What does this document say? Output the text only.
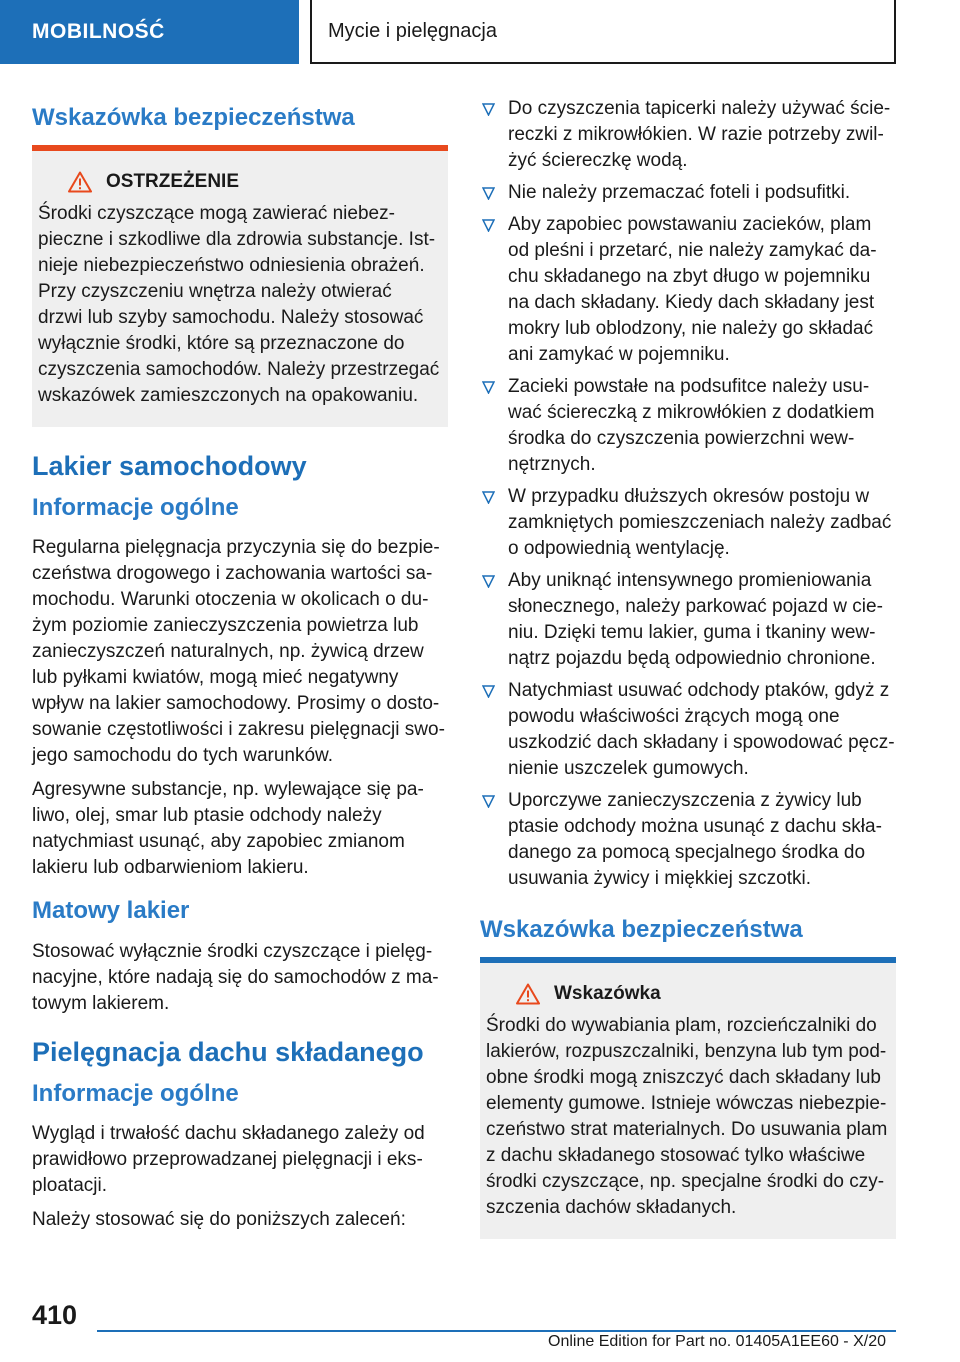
MOBILNOŚĆ	Mycie i pielęgnacja
Wskazówka bezpieczeństwa
OSTRZEŻENIE

Środki czyszczące mogą zawierać niebezpieczne i szkodliwe dla zdrowia substancje. Istnieje niebezpieczeństwo odniesienia obrażeń. Przy czyszczeniu wnętrza należy otwierać drzwi lub szyby samochodu. Należy stosować wyłącznie środki, które są przeznaczone do czyszczenia samochodów. Należy przestrzegać wskazówek zamieszczonych na opakowaniu.

Lakier samochodowy
Informacje ogólne

Regularna pielęgnacja przyczynia się do bezpieczeństwa drogowego i zachowania wartości samochodu. Warunki otoczenia w okolicach o dużym poziomie zanieczyszczenia powietrza lub zanieczyszczeń naturalnych, np. żywicą drzew lub pyłkami kwiatów, mogą mieć negatywny wpływ na lakier samochodowy. Prosimy o dostosowanie częstotliwości i zakresu pielęgnacji swojego samochodu do tych warunków.

Agresywne substancje, np. wylewające się paliwo, olej, smar lub ptasie odchody należy natychmiast usunąć, aby zapobiec zmianom lakieru lub odbarwieniom lakieru.

Matowy lakier

Stosować wyłącznie środki czyszczące i pielęgnacyjne, które nadają się do samochodów z matowym lakierem.

Pielęgnacja dachu składanego
Informacje ogólne

Wygląd i trwałość dachu składanego zależy od prawidłowo przeprowadzanej pielęgnacji i eksploatacji.

Należy stosować się do poniższych zaleceń:

Do czyszczenia tapicerki należy używać ściereczki z mikrowłókien. W razie potrzeby zwilżyć ściereczkę wodą.
Nie należy przemaczać foteli i podsufitki.
Aby zapobiec powstawaniu zacieków, plam od pleśni i przetarć, nie należy zamykać dachu składanego na zbyt długo w pojemniku na dach składany. Kiedy dach składany jest mokry lub oblodzony, nie należy go składać ani zamykać w pojemniku.
Zacieki powstałe na podsufitce należy usuwać ściereczką z mikrowłókien z dodatkiem środka do czyszczenia powierzchni wewnętrznych.
W przypadku dłuższych okresów postoju w zamkniętych pomieszczeniach należy zadbać o odpowiednią wentylację.
Aby uniknąć intensywnego promieniowania słonecznego, należy parkować pojazd w cieniu. Dzięki temu lakier, guma i tkaniny wewnątrz pojazdu będą odpowiednio chronione.
Natychmiast usuwać odchody ptaków, gdyż z powodu właściwości żrących mogą one uszkodzić dach składany i spowodować pęcznienie uszczelek gumowych.
Uporczywe zanieczyszczenia z żywicy lub ptasie odchody można usunąć z dachu składanego za pomocą specjalnego środka do usuwania żywicy i miękkiej szczotki.
Wskazówka bezpieczeństwa
Wskazówka

Środki do wywabiania plam, rozcieńczalniki do lakierów, rozpuszczalniki, benzyna lub tym podobne środki mogą zniszczyć dach składany lub elementy gumowe. Istnieje wówczas niebezpieczeństwo strat materialnych. Do usuwania plam z dachu składanego stosować tylko właściwe środki czyszczące, np. specjalne środki do czyszczenia dachów składanych.

410
Online Edition for Part no. 01405A1EE60 - X/20
